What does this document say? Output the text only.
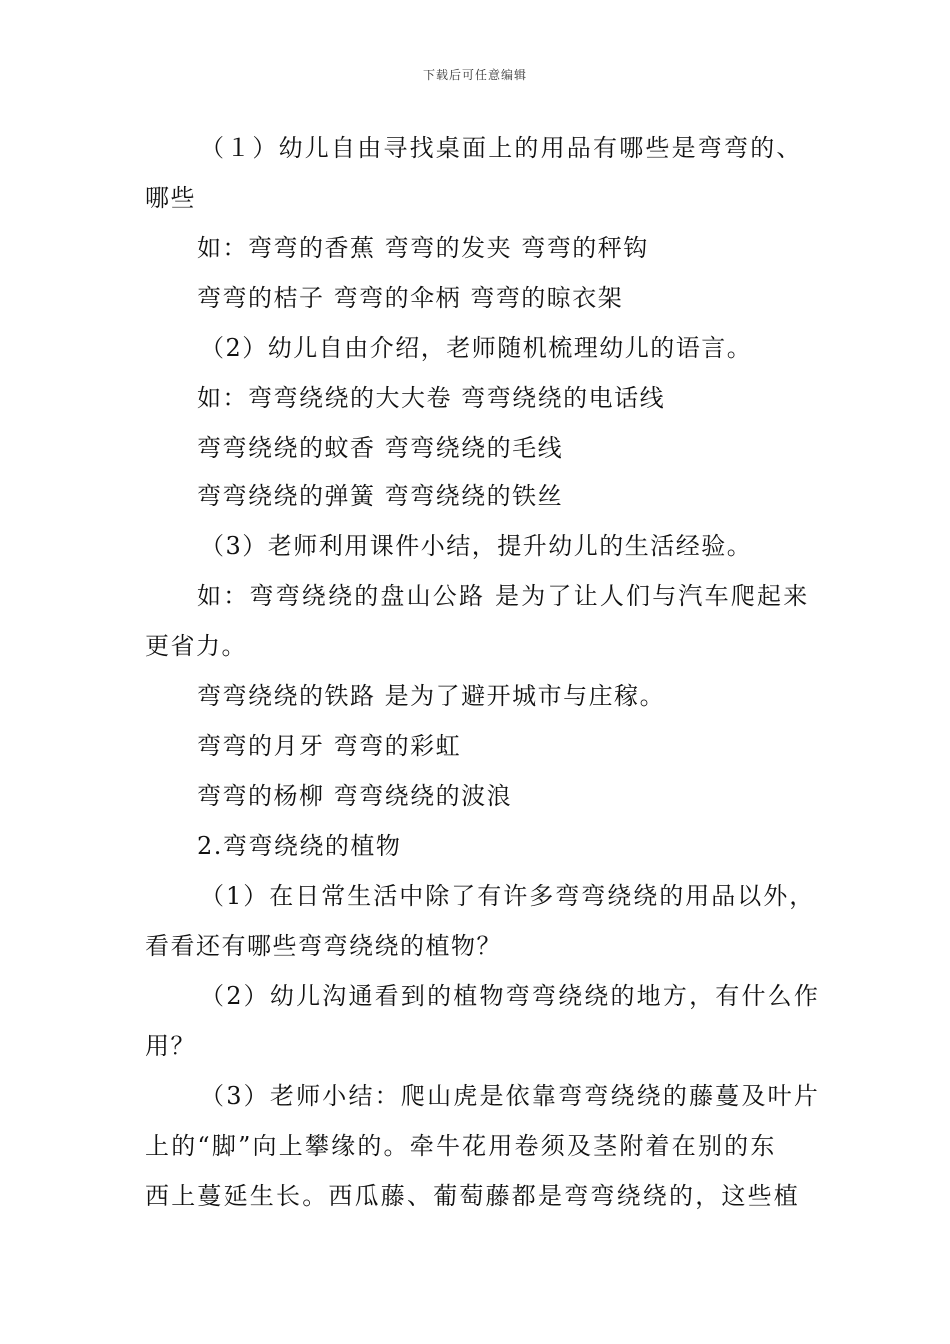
下载后可任意编辑
（１）幼儿自由寻找桌面上的用品有哪些是弯弯的、
哪些
如：弯弯的香蕉 弯弯的发夹 弯弯的秤钩
弯弯的桔子 弯弯的伞柄 弯弯的晾衣架
（2）幼儿自由介绍，老师随机梳理幼儿的语言。
如：弯弯绕绕的大大卷 弯弯绕绕的电话线
弯弯绕绕的蚊香 弯弯绕绕的毛线
弯弯绕绕的弹簧 弯弯绕绕的铁丝
（3）老师利用课件小结，提升幼儿的生活经验。
如：弯弯绕绕的盘山公路 是为了让人们与汽车爬起来
更省力。
弯弯绕绕的铁路 是为了避开城市与庄稼。
弯弯的月牙 弯弯的彩虹
弯弯的杨柳 弯弯绕绕的波浪
2.弯弯绕绕的植物
（1）在日常生活中除了有许多弯弯绕绕的用品以外，
看看还有哪些弯弯绕绕的植物？
（2）幼儿沟通看到的植物弯弯绕绕的地方，有什么作
用？
（3）老师小结：爬山虎是依靠弯弯绕绕的藤蔓及叶片
上的“脚”向上攀缘的。牵牛花用卷须及茎附着在别的东
西上蔓延生长。西瓜藤、葡萄藤都是弯弯绕绕的，这些植
